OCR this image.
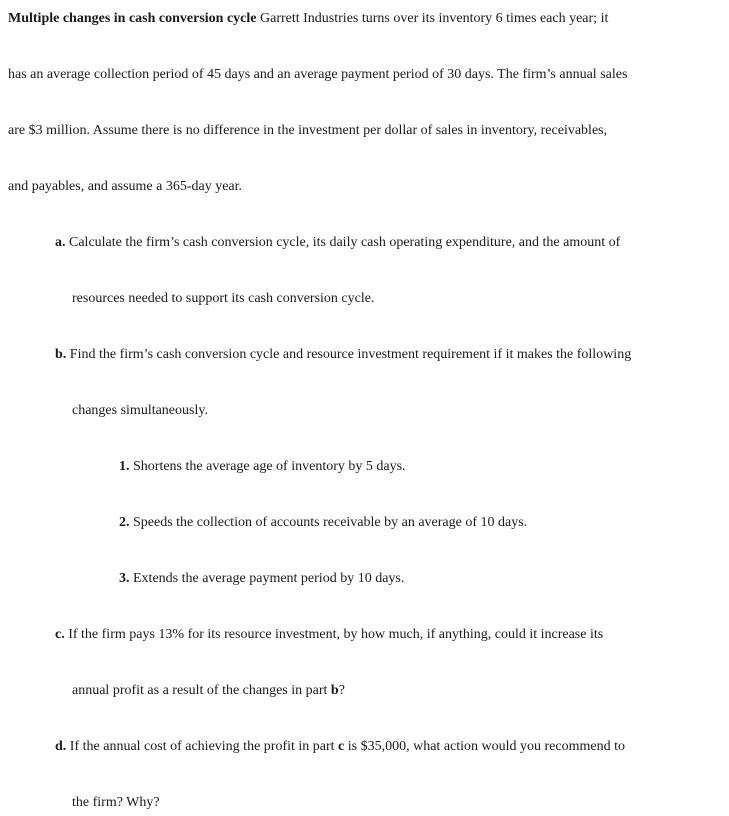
Multiple changes in cash conversion cycle Garrett Industries turns over its inventory 6 times each year; it
has an average collection period of 45 days and an average payment period of 30 days. The firm’s annual sales
are $3 million. Assume there is no difference in the investment per dollar of sales in inventory, receivables,
and payables, and assume a 365-day year.
a. Calculate the firm’s cash conversion cycle, its daily cash operating expenditure, and the amount of
resources needed to support its cash conversion cycle.
b. Find the firm’s cash conversion cycle and resource investment requirement if it makes the following
changes simultaneously.
1. Shortens the average age of inventory by 5 days.
2. Speeds the collection of accounts receivable by an average of 10 days.
3. Extends the average payment period by 10 days.
c. If the firm pays 13% for its resource investment, by how much, if anything, could it increase its
annual profit as a result of the changes in part b?
d. If the annual cost of achieving the profit in part c is $35,000, what action would you recommend to
the firm? Why?
